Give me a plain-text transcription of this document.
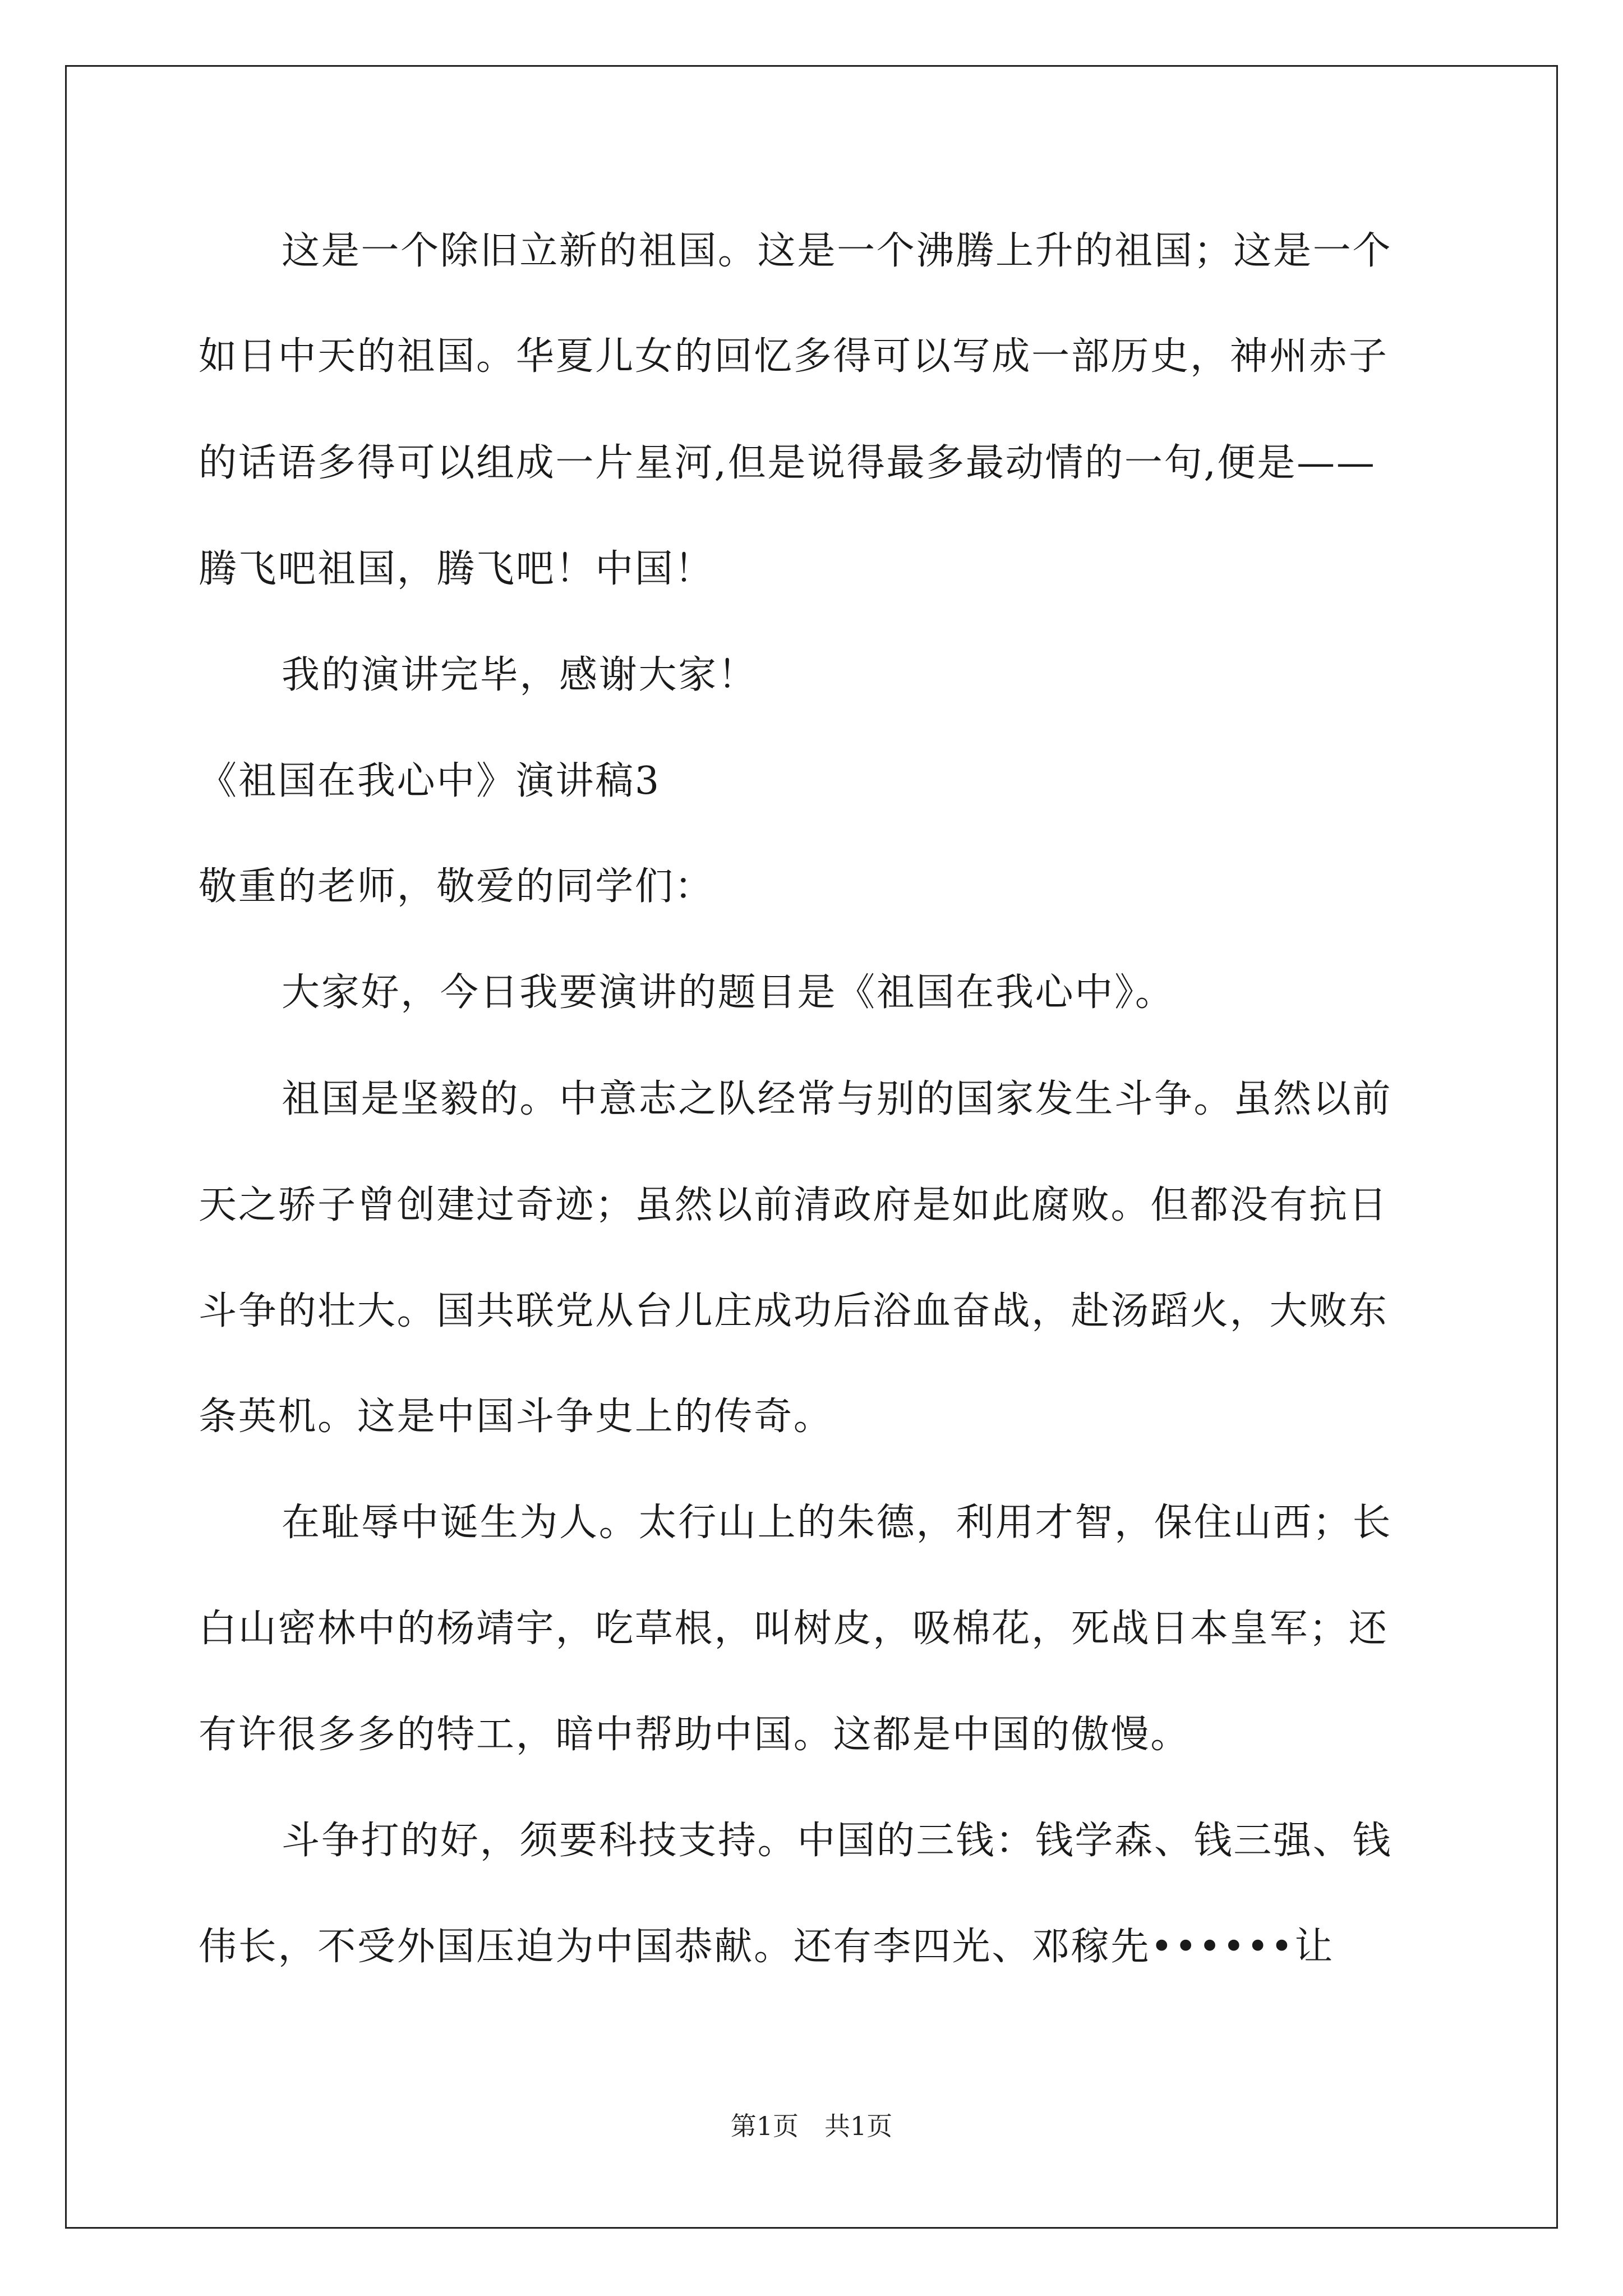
这是一个除旧立新的祖国。这是一个沸腾上升的祖国；这是一个
如日中天的祖国。华夏儿女的回忆多得可以写成一部历史，神州赤子
的话语多得可以组成一片星河,但是说得最多最动情的一句,便是——
腾飞吧祖国，腾飞吧！中国！
我的演讲完毕，感谢大家！
《祖国在我心中》演讲稿3
敬重的老师，敬爱的同学们：
大家好，今日我要演讲的题目是《祖国在我心中》。
祖国是坚毅的。中意志之队经常与别的国家发生斗争。虽然以前
天之骄子曾创建过奇迹；虽然以前清政府是如此腐败。但都没有抗日
斗争的壮大。国共联党从台儿庄成功后浴血奋战，赴汤蹈火，大败东
条英机。这是中国斗争史上的传奇。
在耻辱中诞生为人。太行山上的朱德，利用才智，保住山西；长
白山密林中的杨靖宇，吃草根，叫树皮，吸棉花，死战日本皇军；还
有许很多多的特工，暗中帮助中国。这都是中国的傲慢。
斗争打的好，须要科技支持。中国的三钱：钱学森、钱三强、钱
伟长，不受外国压迫为中国恭献。还有李四光、邓稼先••••••让
第1页 共1页
